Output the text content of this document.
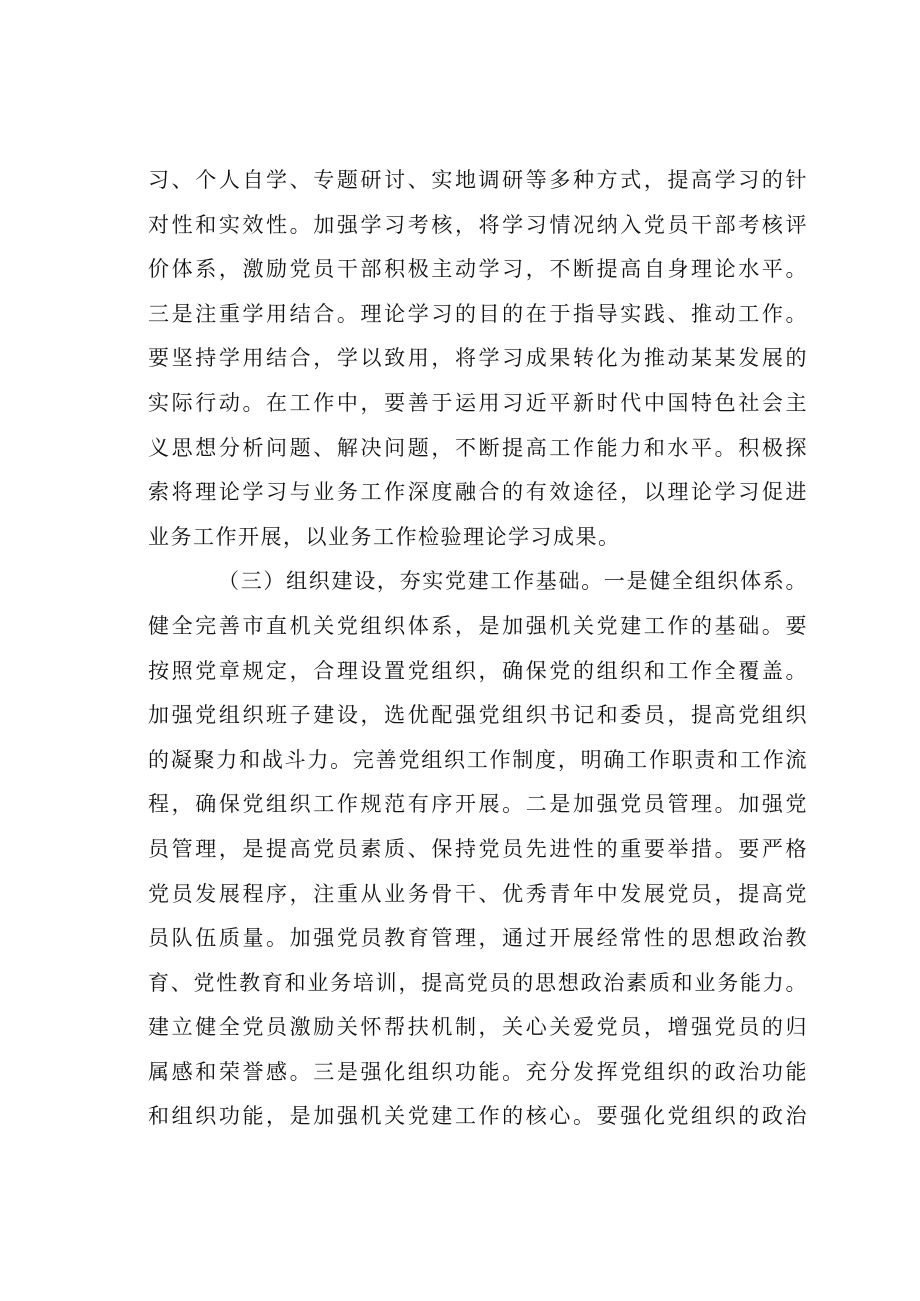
习、个人自学、专题研讨、实地调研等多种方式，提高学习的针
对性和实效性。加强学习考核，将学习情况纳入党员干部考核评
价体系，激励党员干部积极主动学习，不断提高自身理论水平。
三是注重学用结合。理论学习的目的在于指导实践、推动工作。
要坚持学用结合，学以致用，将学习成果转化为推动某某发展的
实际行动。在工作中，要善于运用习近平新时代中国特色社会主
义思想分析问题、解决问题，不断提高工作能力和水平。积极探
索将理论学习与业务工作深度融合的有效途径，以理论学习促进
业务工作开展，以业务工作检验理论学习成果。
（三）组织建设，夯实党建工作基础。一是健全组织体系。
健全完善市直机关党组织体系，是加强机关党建工作的基础。要
按照党章规定，合理设置党组织，确保党的组织和工作全覆盖。
加强党组织班子建设，选优配强党组织书记和委员，提高党组织
的凝聚力和战斗力。完善党组织工作制度，明确工作职责和工作流
程，确保党组织工作规范有序开展。二是加强党员管理。加强党
员管理，是提高党员素质、保持党员先进性的重要举措。要严格
党员发展程序，注重从业务骨干、优秀青年中发展党员，提高党
员队伍质量。加强党员教育管理，通过开展经常性的思想政治教
育、党性教育和业务培训，提高党员的思想政治素质和业务能力。
建立健全党员激励关怀帮扶机制，关心关爱党员，增强党员的归
属感和荣誉感。三是强化组织功能。充分发挥党组织的政治功能
和组织功能，是加强机关党建工作的核心。要强化党组织的政治
